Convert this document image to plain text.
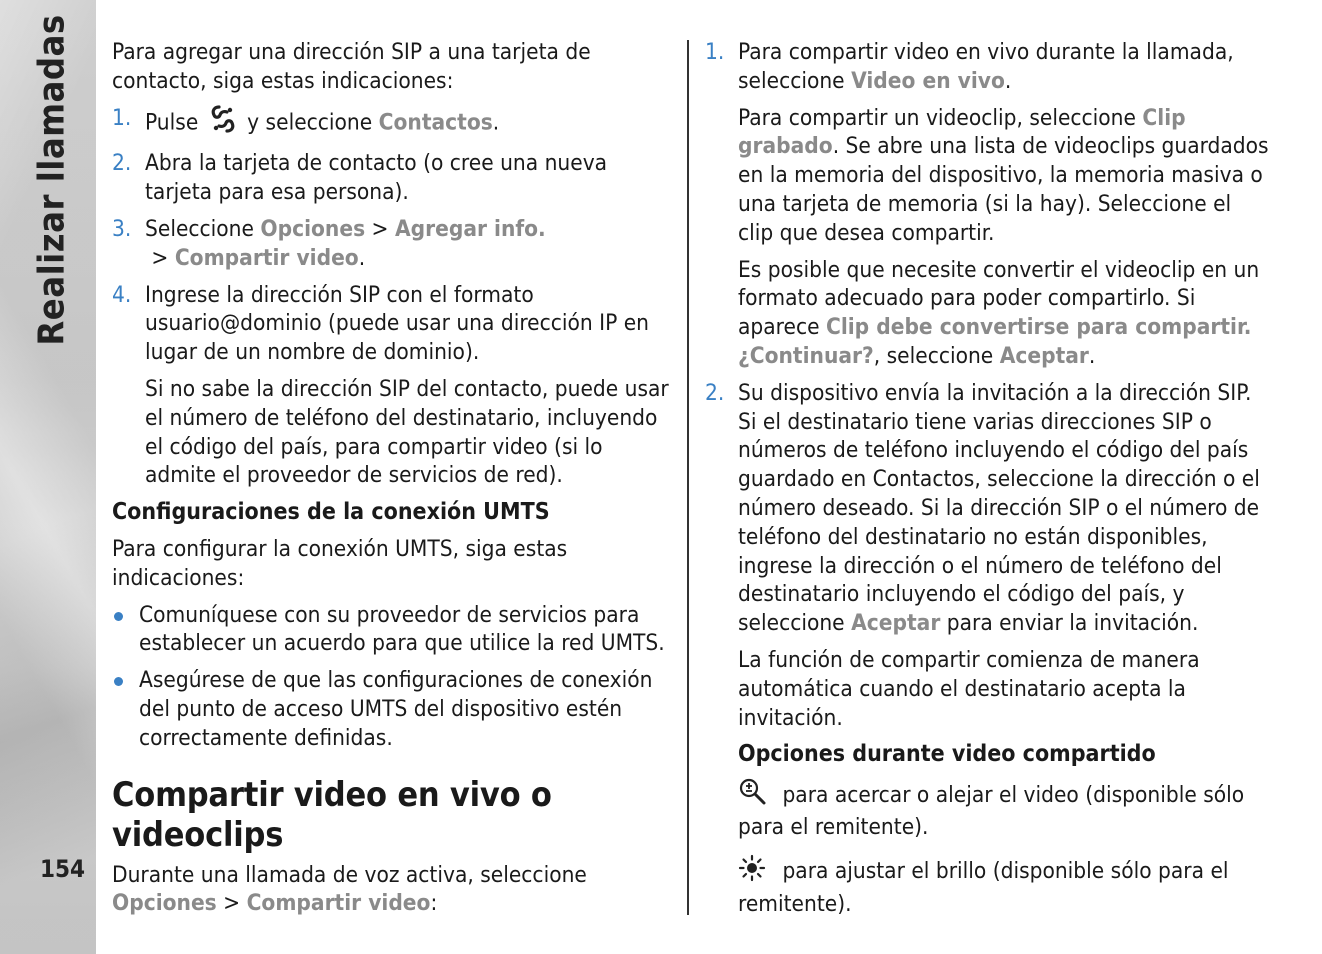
Realizar llamadas
154

Para agregar una dirección SIP a una tarjeta de contacto, siga estas indicaciones:

1. Pulse y seleccione Contactos.
2. Abra la tarjeta de contacto (o cree una nueva tarjeta para esa persona).
3. Seleccione Opciones > Agregar info. > Compartir video.
4. Ingrese la dirección SIP con el formato usuario@dominio (puede usar una dirección IP en lugar de un nombre de dominio).
Si no sabe la dirección SIP del contacto, puede usar el número de teléfono del destinatario, incluyendo el código del país, para compartir video (si lo admite el proveedor de servicios de red).
Configuraciones de la conexión UMTS

Para configurar la conexión UMTS, siga estas indicaciones:

Comuníquese con su proveedor de servicios para establecer un acuerdo para que utilice la red UMTS.
Asegúrese de que las configuraciones de conexión del punto de acceso UMTS del dispositivo estén correctamente definidas.
Compartir video en vivo o videoclips

Durante una llamada de voz activa, seleccione Opciones > Compartir video:

1. Para compartir video en vivo durante la llamada, seleccione Video en vivo.
Para compartir un videoclip, seleccione Clip grabado. Se abre una lista de videoclips guardados en la memoria del dispositivo, la memoria masiva o una tarjeta de memoria (si la hay). Seleccione el clip que desea compartir.
Es posible que necesite convertir el videoclip en un formato adecuado para poder compartirlo. Si aparece Clip debe convertirse para compartir. ¿Continuar?, seleccione Aceptar.
2. Su dispositivo envía la invitación a la dirección SIP. Si el destinatario tiene varias direcciones SIP o números de teléfono incluyendo el código del país guardado en Contactos, seleccione la dirección o el número deseado. Si la dirección SIP o el número de teléfono del destinatario no están disponibles, ingrese la dirección o el número de teléfono del destinatario incluyendo el código del país, y seleccione Aceptar para enviar la invitación.

La función de compartir comienza de manera automática cuando el destinatario acepta la invitación.

Opciones durante video compartido

para acercar o alejar el video (disponible sólo para el remitente).

para ajustar el brillo (disponible sólo para el remitente).
